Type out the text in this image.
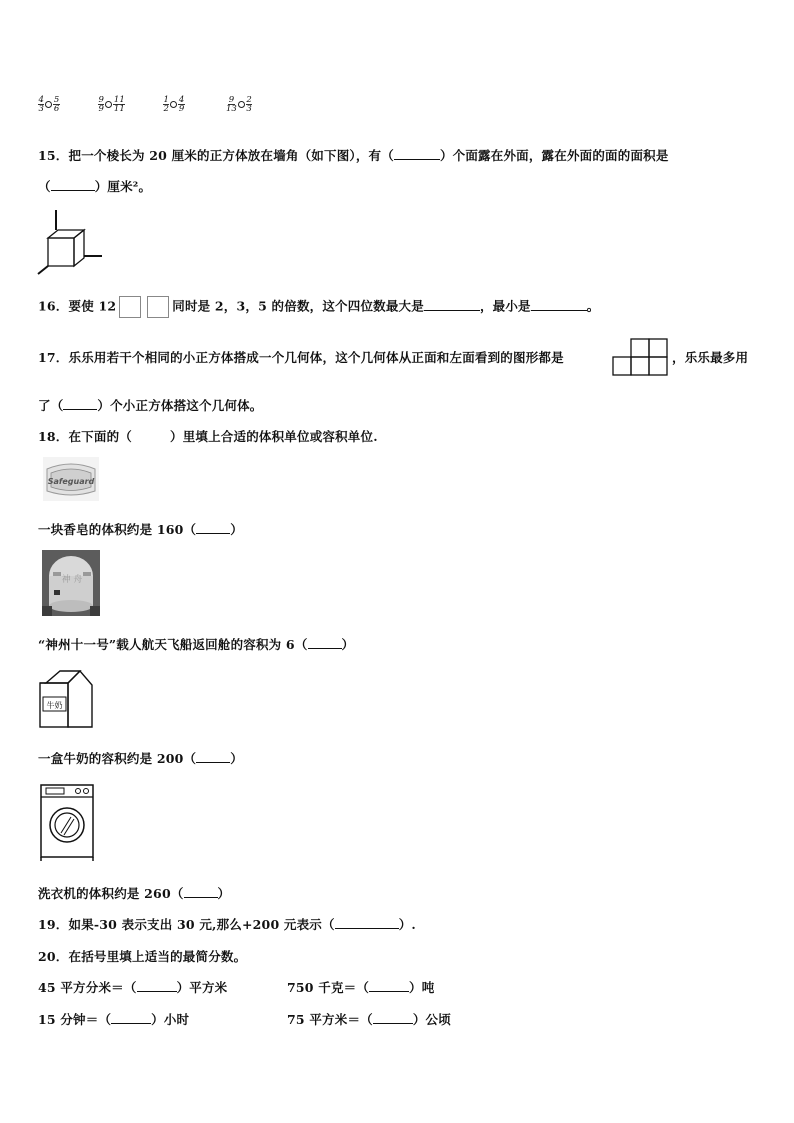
$\frac{4}{3} \frac{5}{6}$	$\frac{9}{9} \frac{11}{11}$	$\frac{1}{2} \frac{4}{9}$	$\frac{9}{13} \frac{2}{3}$
15．把一个棱长为 20 厘米的正方体放在墙角（如下图），有（	）个面露在外面，露在外面的面的面积是
（	）厘米²。
16．要使 12	同时是 2，3，5 的倍数，这个四位数最大是	，最小是	。
17．乐乐用若干个相同的小正方体搭成一个几何体，这个几何体从正面和左面看到的图形都是	，乐乐最多用
了（	）个小正方体搭这个几何体。
18．在下面的（	）里填上合适的体积单位或容积单位.
Safeguard
一块香皂的体积约是 160（	）
神 舟
“神州十一号”载人航天飞船返回舱的容积为 6（	）
牛奶
一盒牛奶的容积约是 200（	）
洗衣机的体积约是 260（	）
19．如果-30 表示支出 30 元,那么+200 元表示（	）.
20．在括号里填上适当的最简分数。
45 平方分米＝（	）平方米	750 千克＝（	）吨
15 分钟＝（	）小时	75 平方米＝（	）公顷
